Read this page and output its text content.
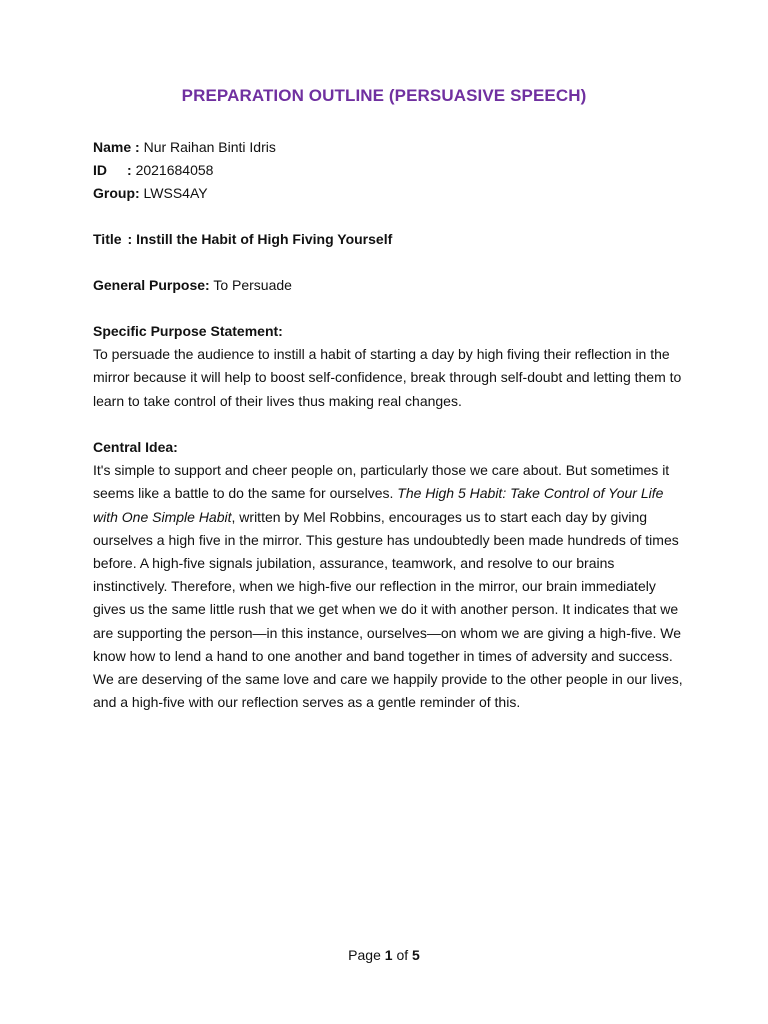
PREPARATION OUTLINE (PERSUASIVE SPEECH)
Name : Nur Raihan Binti Idris
ID : 2021684058
Group: LWSS4AY
Title : Instill the Habit of High Fiving Yourself
General Purpose: To Persuade
Specific Purpose Statement:

To persuade the audience to instill a habit of starting a day by high fiving their reflection in the mirror because it will help to boost self-confidence, break through self-doubt and letting them to learn to take control of their lives thus making real changes.

Central Idea:

It's simple to support and cheer people on, particularly those we care about. But sometimes it seems like a battle to do the same for ourselves. The High 5 Habit: Take Control of Your Life with One Simple Habit, written by Mel Robbins, encourages us to start each day by giving ourselves a high five in the mirror. This gesture has undoubtedly been made hundreds of times before. A high-five signals jubilation, assurance, teamwork, and resolve to our brains instinctively. Therefore, when we high-five our reflection in the mirror, our brain immediately gives us the same little rush that we get when we do it with another person. It indicates that we are supporting the person—in this instance, ourselves—on whom we are giving a high-five. We know how to lend a hand to one another and band together in times of adversity and success. We are deserving of the same love and care we happily provide to the other people in our lives, and a high-five with our reflection serves as a gentle reminder of this.

Page 1 of 5
